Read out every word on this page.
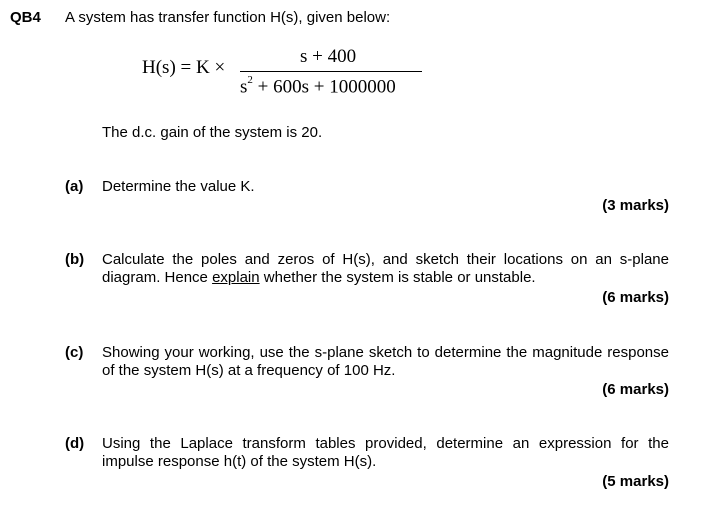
QB4 A system has transfer function H(s), given below:
H(s) = K ×
s + 400
$s^2 + 600s + 1000000$
The d.c. gain of the system is 20.
(a) Determine the value K.
(3 marks)
(b) Calculate the poles and zeros of H(s), and sketch their locations on an s-plane diagram. Hence explain whether the system is stable or unstable.
(6 marks)
(c) Showing your working, use the s-plane sketch to determine the magnitude response of the system H(s) at a frequency of 100 Hz.
(6 marks)
(d) Using the Laplace transform tables provided, determine an expression for the impulse response h(t) of the system H(s).
(5 marks)
